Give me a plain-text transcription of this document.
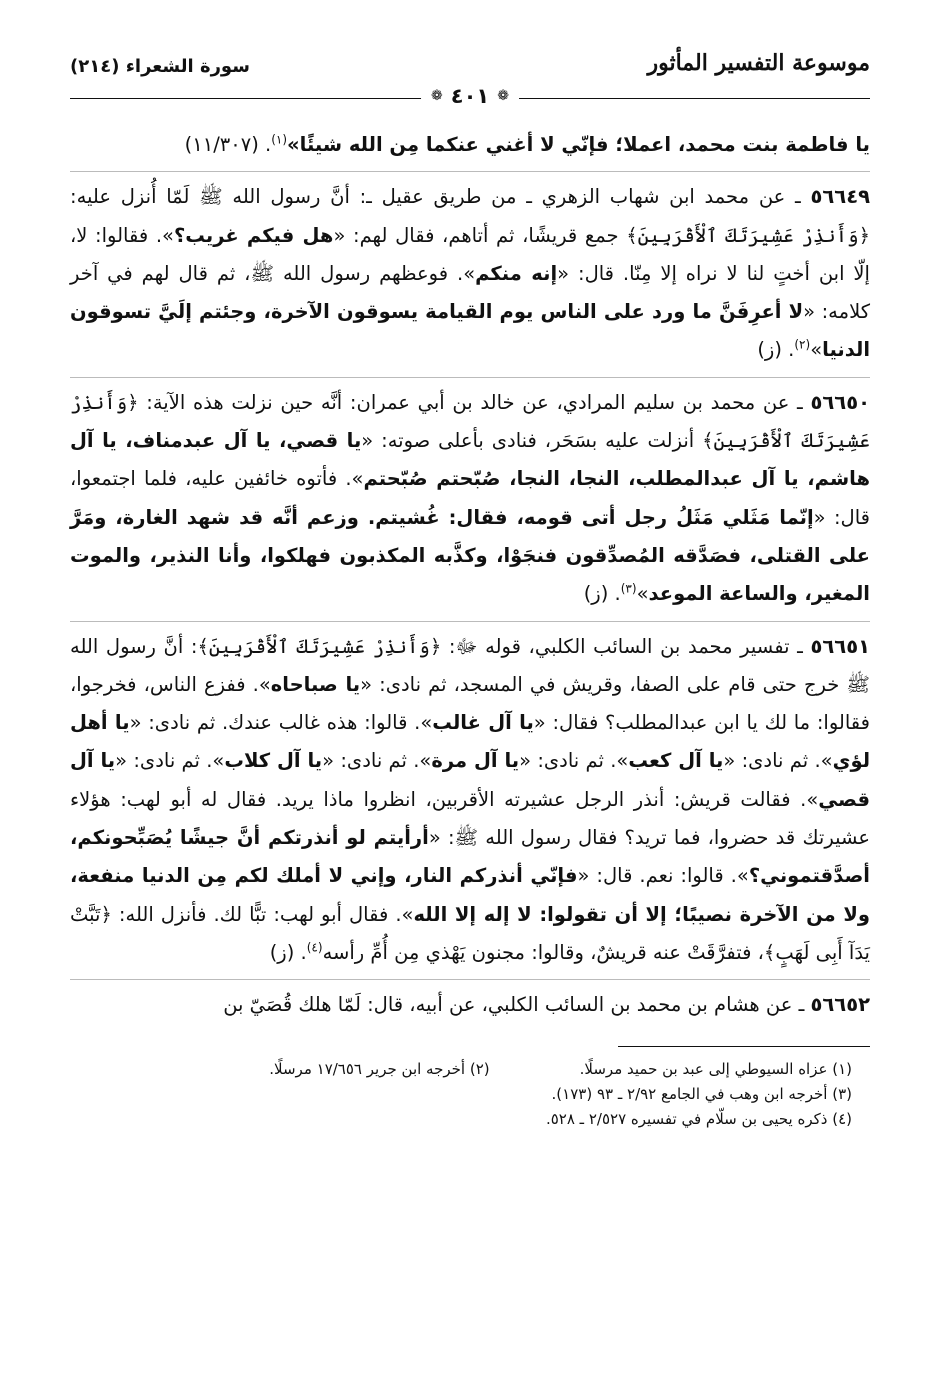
موسوعة التفسير المأثور
سورة الشعراء (٢١٤)
❁
٤٠١
❁

يا فاطمة بنت محمد، اعملا؛ فإنّي لا أغني عنكما مِن الله شيئًا»$^{(١)}$. (١١/٣٠٧)

٥٦٦٤٩ ـ عن محمد ابن شهاب الزهري ـ من طريق عقيل ـ: أنَّ رسول الله ﷺ لَمّا أُنزل عليه: ﴿وَأَنذِرْ عَشِيرَتَكَ ٱلْأَقْرَبِينَ﴾ جمع قريشًا، ثم أتاهم، فقال لهم: «هل فيكم غريب؟». فقالوا: لا، إلّا ابن أختٍ لنا لا نراه إلا مِنّا. قال: «إنه منكم». فوعظهم رسول الله ﷺ، ثم قال لهم في آخر كلامه: «لا أعرِفَنَّ ما ورد على الناس يوم القيامة يسوقون الآخرة، وجئتم إلَيَّ تسوقون الدنيا»$^{(٢)}$. (ز)

٥٦٦٥٠ ـ عن محمد بن سليم المرادي، عن خالد بن أبي عمران: أنَّه حين نزلت هذه الآية: ﴿وَأَنذِرْ عَشِيرَتَكَ ٱلْأَقْرَبِينَ﴾ أنزلت عليه بسَحَر، فنادى بأعلى صوته: «يا قصي، يا آل عبدمناف، يا آل هاشم، يا آل عبدالمطلب، النجا، النجا، صُبّحتم صُبّحتم». فأتوه خائفين عليه، فلما اجتمعوا، قال: «إنّما مَثَلي مَثَلُ رجل أتى قومه، فقال: غُشيتم. وزعم أنَّه قد شهد الغارة، ومَرَّ على القتلى، فصَدَّقه المُصدِّقون فنجَوْا، وكذَّبه المكذبون فهلكوا، وأنا النذير، والموت المغير، والساعة الموعد»$^{(٣)}$. (ز)

٥٦٦٥١ ـ تفسير محمد بن السائب الكلبي، قوله ﷻ: ﴿وَأَنذِرْ عَشِيرَتَكَ ٱلْأَقْرَبِينَ﴾: أنَّ رسول الله ﷺ خرج حتى قام على الصفا، وقريش في المسجد، ثم نادى: «يا صباحاه». ففزع الناس، فخرجوا، فقالوا: ما لك يا ابن عبدالمطلب؟ فقال: «يا آل غالب». قالوا: هذه غالب عندك. ثم نادى: «يا أهل لؤي». ثم نادى: «يا آل كعب». ثم نادى: «يا آل مرة». ثم نادى: «يا آل كلاب». ثم نادى: «يا آل قصي». فقالت قريش: أنذر الرجل عشيرته الأقربين، انظروا ماذا يريد. فقال له أبو لهب: هؤلاء عشيرتك قد حضروا، فما تريد؟ فقال رسول الله ﷺ: «أرأيتم لو أنذرتكم أنَّ جيشًا يُصَبِّحونكم، أصدَّقتموني؟». قالوا: نعم. قال: «فإنّي أنذركم النار، وإني لا أملك لكم مِن الدنيا منفعة، ولا من الآخرة نصيبًا؛ إلا أن تقولوا: لا إله إلا الله». فقال أبو لهب: تبًّا لك. فأنزل الله: ﴿تَبَّتْ يَدَآ أَبِى لَهَبٍ﴾، فتفرَّقَتْ عنه قريشٌ، وقالوا: مجنون يَهْذي مِن أُمِّ رأسه$^{(٤)}$. (ز)

٥٦٦٥٢ ـ عن هشام بن محمد بن السائب الكلبي، عن أبيه، قال: لَمّا هلك قُصَيّ بن

(١) عزاه السيوطي إلى عبد بن حميد مرسلًا.
(٢) أخرجه ابن جرير ١٧/٦٥٦ مرسلًا.
(٣) أخرجه ابن وهب في الجامع ٢/٩٢ ـ ٩٣ (١٧٣).
(٤) ذكره يحيى بن سلّام في تفسيره ٢/٥٢٧ ـ ٥٢٨.
